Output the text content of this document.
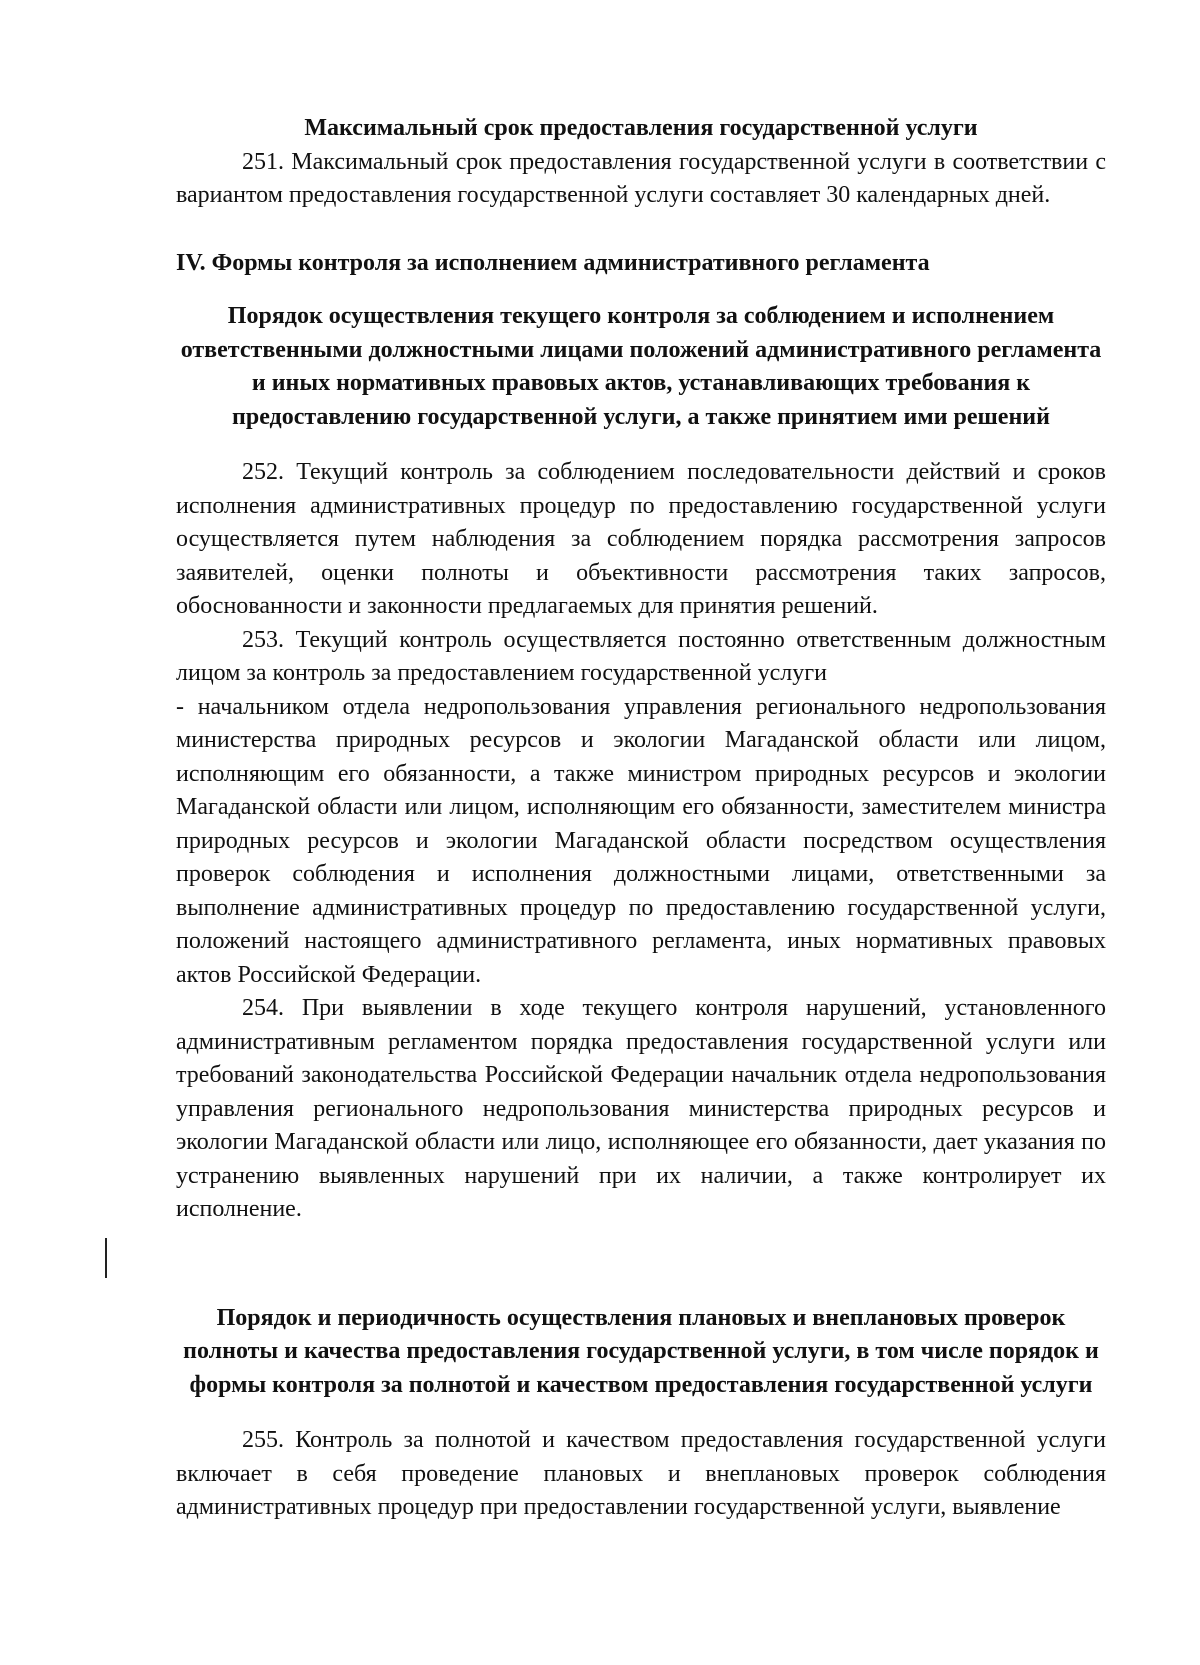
Максимальный срок предоставления государственной услуги

251. Максимальный срок предоставления государственной услуги в соответствии с вариантом предоставления государственной услуги составляет 30 календарных дней.

IV. Формы контроля за исполнением административного регламента

Порядок осуществления текущего контроля за соблюдением и исполнением ответственными должностными лицами положений административного регламента и иных нормативных правовых актов, устанавливающих требования к предоставлению государственной услуги, а также принятием ими решений

252. Текущий контроль за соблюдением последовательности действий и сроков исполнения административных процедур по предоставлению государственной услуги осуществляется путем наблюдения за соблюдением порядка рассмотрения запросов заявителей, оценки полноты и объективности рассмотрения таких запросов, обоснованности и законности предлагаемых для принятия решений.

253. Текущий контроль осуществляется постоянно ответственным должностным лицом за контроль за предоставлением государственной услуги

- начальником отдела недропользования управления регионального недропользования министерства природных ресурсов и экологии Магаданской области или лицом, исполняющим его обязанности, а также министром природных ресурсов и экологии Магаданской области или лицом, исполняющим его обязанности, заместителем министра природных ресурсов и экологии Магаданской области посредством осуществления проверок соблюдения и исполнения должностными лицами, ответственными за выполнение административных процедур по предоставлению государственной услуги, положений настоящего административного регламента, иных нормативных правовых актов Российской Федерации.

254. При выявлении в ходе текущего контроля нарушений, установленного административным регламентом порядка предоставления государственной услуги или требований законодательства Российской Федерации начальник отдела недропользования управления регионального недропользования министерства природных ресурсов и экологии Магаданской области или лицо, исполняющее его обязанности, дает указания по устранению выявленных нарушений при их наличии, а также контролирует их исполнение.

Порядок и периодичность осуществления плановых и внеплановых проверок полноты и качества предоставления государственной услуги, в том числе порядок и формы контроля за полнотой и качеством предоставления государственной услуги

255. Контроль за полнотой и качеством предоставления государственной услуги включает в себя проведение плановых и внеплановых проверок соблюдения административных процедур при предоставлении государственной услуги, выявление
